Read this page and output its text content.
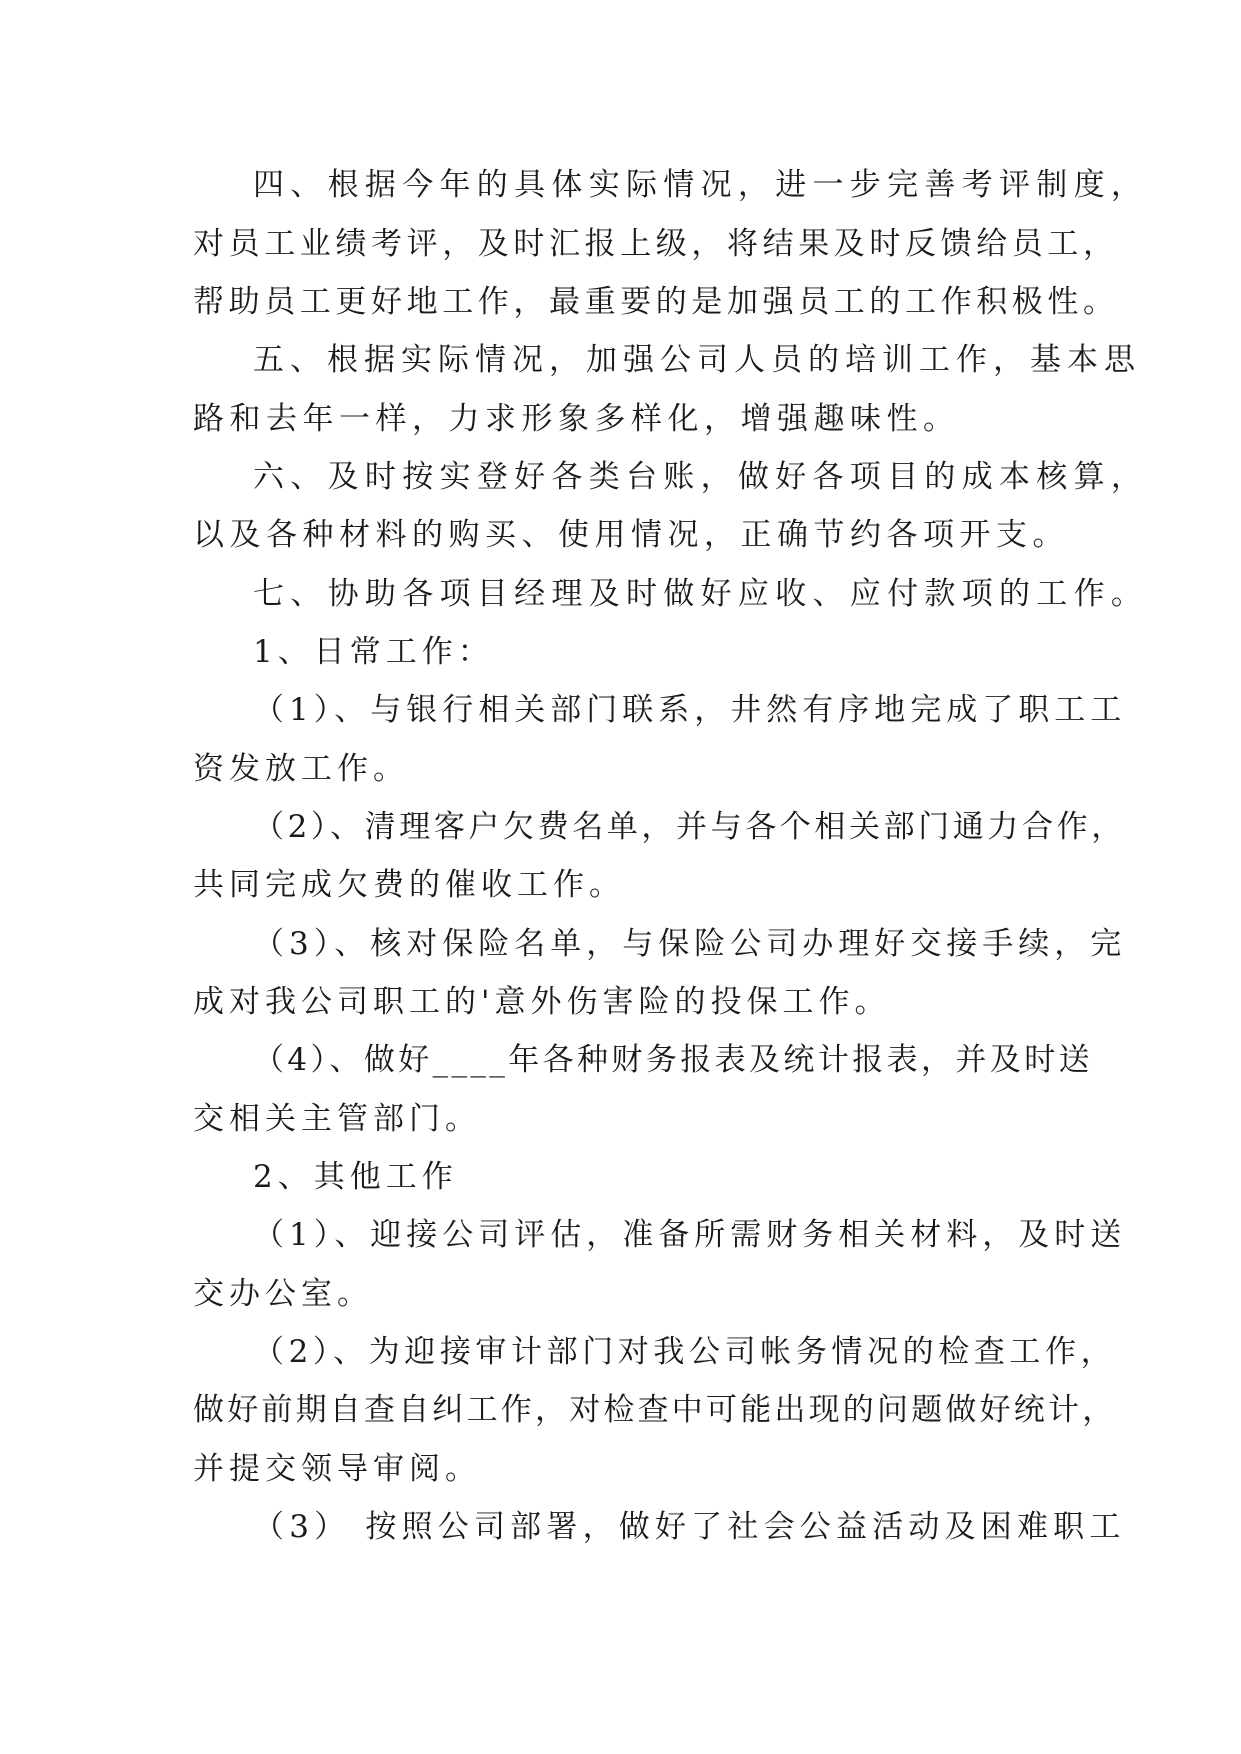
四、根据今年的具体实际情况，进一步完善考评制度，
对员工业绩考评，及时汇报上级，将结果及时反馈给员工，
帮助员工更好地工作，最重要的是加强员工的工作积极性。
五、根据实际情况，加强公司人员的培训工作，基本思
路和去年一样，力求形象多样化，增强趣味性。
六、及时按实登好各类台账，做好各项目的成本核算，
以及各种材料的购买、使用情况，正确节约各项开支。
七、协助各项目经理及时做好应收、应付款项的工作。
1、日常工作：
（1）、与银行相关部门联系，井然有序地完成了职工工
资发放工作。
（2）、清理客户欠费名单，并与各个相关部门通力合作，
共同完成欠费的催收工作。
（3）、核对保险名单，与保险公司办理好交接手续，完
成对我公司职工的'意外伤害险的投保工作。
（4）、做好____年各种财务报表及统计报表，并及时送
交相关主管部门。
2、其他工作
（1）、迎接公司评估，准备所需财务相关材料，及时送
交办公室。
（2）、为迎接审计部门对我公司帐务情况的检查工作，
做好前期自查自纠工作，对检查中可能出现的问题做好统计，
并提交领导审阅。
（3） 按照公司部署，做好了社会公益活动及困难职工
